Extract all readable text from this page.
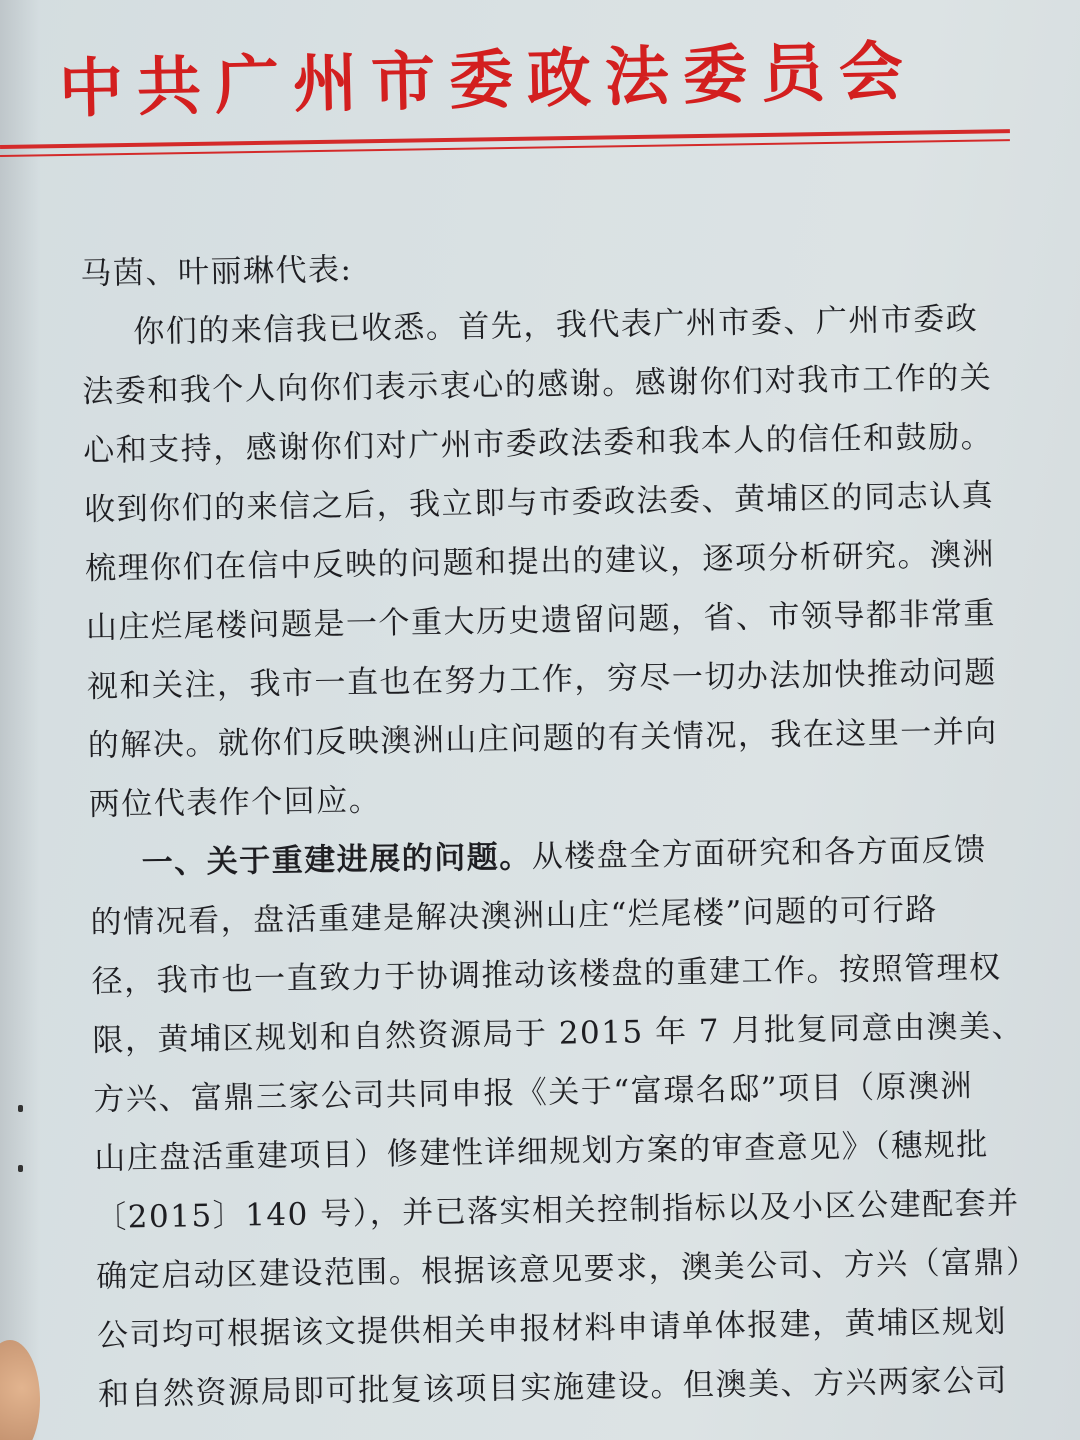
中共广州市委政法委员会
马茵、叶丽琳代表:
你们的来信我已收悉。首先，我代表广州市委、广州市委政
法委和我个人向你们表示衷心的感谢。感谢你们对我市工作的关
心和支持，感谢你们对广州市委政法委和我本人的信任和鼓励。
收到你们的来信之后，我立即与市委政法委、黄埔区的同志认真
梳理你们在信中反映的问题和提出的建议，逐项分析研究。澳洲
山庄烂尾楼问题是一个重大历史遗留问题，省、市领导都非常重
视和关注，我市一直也在努力工作，穷尽一切办法加快推动问题
的解决。就你们反映澳洲山庄问题的有关情况，我在这里一并向
两位代表作个回应。
一、关于重建进展的问题。从楼盘全方面研究和各方面反馈
的情况看，盘活重建是解决澳洲山庄“烂尾楼”问题的可行路
径，我市也一直致力于协调推动该楼盘的重建工作。按照管理权
限，黄埔区规划和自然资源局于 2015 年 7 月批复同意由澳美、
方兴、富鼎三家公司共同申报《关于“富璟名邸”项目（原澳洲
山庄盘活重建项目）修建性详细规划方案的审查意见》（穗规批
〔2015〕140 号），并已落实相关控制指标以及小区公建配套并
确定启动区建设范围。根据该意见要求，澳美公司、方兴（富鼎）
公司均可根据该文提供相关申报材料申请单体报建，黄埔区规划
和自然资源局即可批复该项目实施建设。但澳美、方兴两家公司
